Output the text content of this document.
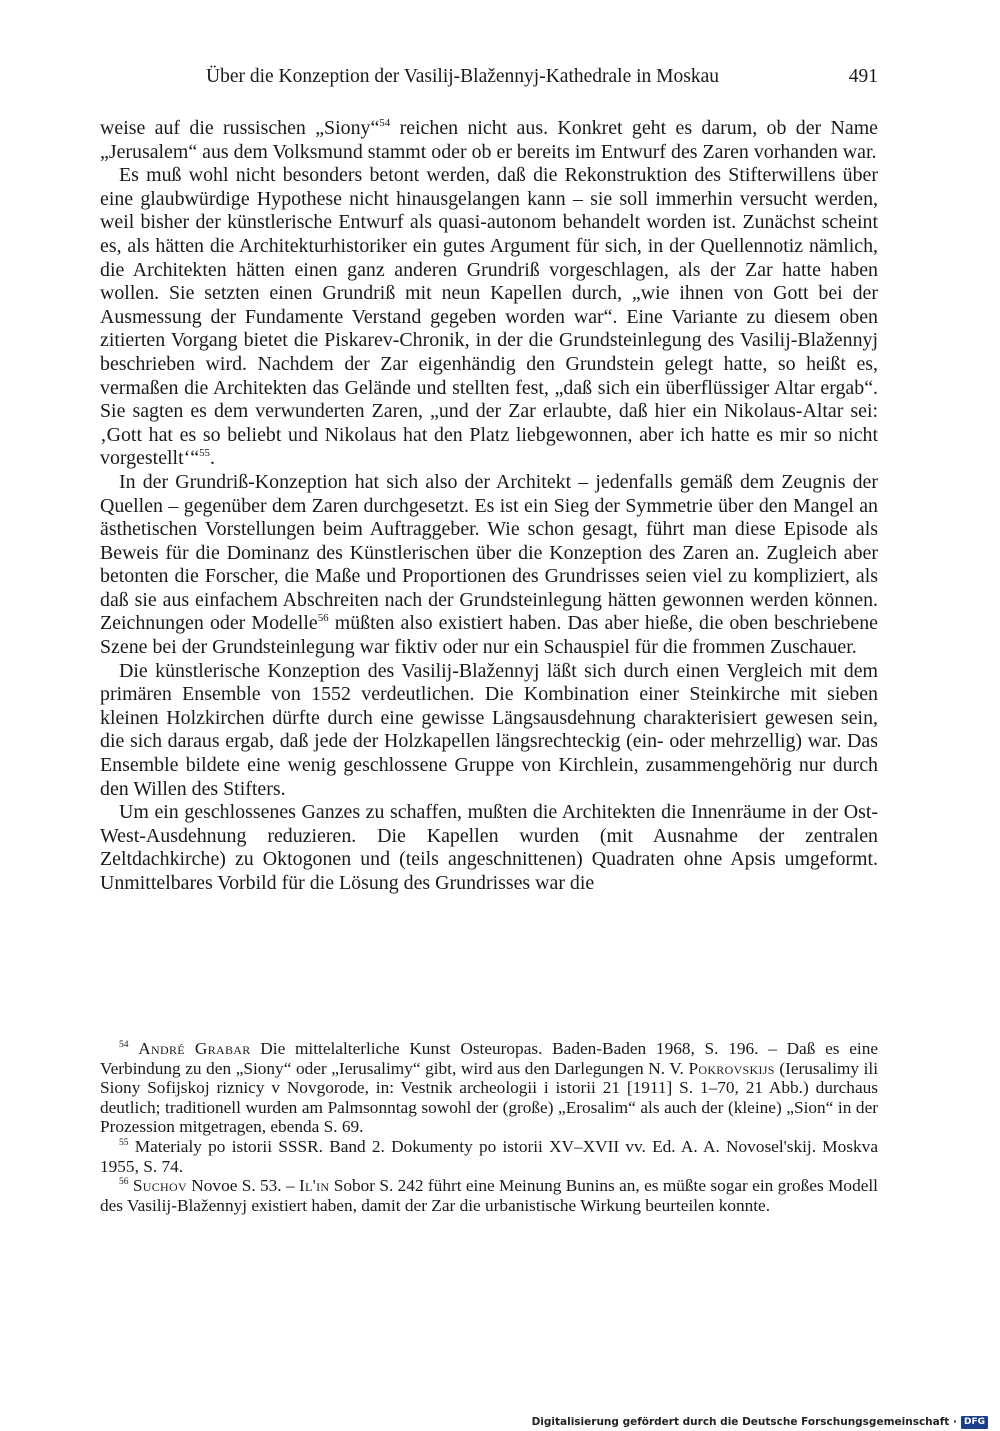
Über die Konzeption der Vasilij-Blažennyj-Kathedrale in Moskau	491

weise auf die russischen „Siony“$^{54}$ reichen nicht aus. Konkret geht es darum, ob der Name „Jerusalem“ aus dem Volksmund stammt oder ob er bereits im Entwurf des Zaren vorhanden war.

Es muß wohl nicht besonders betont werden, daß die Rekonstruktion des Stifterwillens über eine glaubwürdige Hypothese nicht hinausgelangen kann – sie soll immerhin versucht werden, weil bisher der künstlerische Entwurf als quasi-autonom behandelt worden ist. Zunächst scheint es, als hätten die Architekturhistoriker ein gutes Argument für sich, in der Quellennotiz nämlich, die Architekten hätten einen ganz anderen Grundriß vorgeschlagen, als der Zar hatte haben wollen. Sie setzten einen Grundriß mit neun Kapellen durch, „wie ihnen von Gott bei der Ausmessung der Fundamente Verstand gegeben worden war“. Eine Variante zu diesem oben zitierten Vorgang bietet die Piskarev-Chronik, in der die Grundsteinlegung des Vasilij-Blažennyj beschrieben wird. Nachdem der Zar eigenhändig den Grundstein gelegt hatte, so heißt es, vermaßen die Architekten das Gelände und stellten fest, „daß sich ein überflüssiger Altar ergab“. Sie sagten es dem verwunderten Zaren, „und der Zar erlaubte, daß hier ein Nikolaus-Altar sei: ‚Gott hat es so beliebt und Nikolaus hat den Platz liebgewonnen, aber ich hatte es mir so nicht vorgestellt‘“$^{55}$.

In der Grundriß-Konzeption hat sich also der Architekt – jedenfalls gemäß dem Zeugnis der Quellen – gegenüber dem Zaren durchgesetzt. Es ist ein Sieg der Symmetrie über den Mangel an ästhetischen Vorstellungen beim Auftraggeber. Wie schon gesagt, führt man diese Episode als Beweis für die Dominanz des Künstlerischen über die Konzeption des Zaren an. Zugleich aber betonten die Forscher, die Maße und Proportionen des Grundrisses seien viel zu kompliziert, als daß sie aus einfachem Abschreiten nach der Grundsteinlegung hätten gewonnen werden können. Zeichnungen oder Modelle$^{56}$ müßten also existiert haben. Das aber hieße, die oben beschriebene Szene bei der Grundsteinlegung war fiktiv oder nur ein Schauspiel für die frommen Zuschauer.

Die künstlerische Konzeption des Vasilij-Blažennyj läßt sich durch einen Vergleich mit dem primären Ensemble von 1552 verdeutlichen. Die Kombination einer Steinkirche mit sieben kleinen Holzkirchen dürfte durch eine gewisse Längsausdehnung charakterisiert gewesen sein, die sich daraus ergab, daß jede der Holzkapellen längsrechteckig (ein- oder mehrzellig) war. Das Ensemble bildete eine wenig geschlossene Gruppe von Kirchlein, zusammengehörig nur durch den Willen des Stifters.

Um ein geschlossenes Ganzes zu schaffen, mußten die Architekten die Innenräume in der Ost-West-Ausdehnung reduzieren. Die Kapellen wurden (mit Ausnahme der zentralen Zeltdachkirche) zu Oktogonen und (teils angeschnittenen) Quadraten ohne Apsis umgeformt. Unmittelbares Vorbild für die Lösung des Grundrisses war die

$^{54}$ André Grabar Die mittelalterliche Kunst Osteuropas. Baden-Baden 1968, S. 196. – Daß es eine Verbindung zu den „Siony“ oder „Ierusalimy“ gibt, wird aus den Darlegungen N. V. Pokrovskijs (Ierusalimy ili Siony Sofijskoj riznicy v Novgorode, in: Vestnik archeologii i istorii 21 [1911] S. 1–70, 21 Abb.) durchaus deutlich; traditionell wurden am Palmsonntag sowohl der (große) „Erosalim“ als auch der (kleine) „Sion“ in der Prozession mitgetragen, ebenda S. 69.

$^{55}$ Materialy po istorii SSSR. Band 2. Dokumenty po istorii XV–XVII vv. Ed. A. A. Novosel'skij. Moskva 1955, S. 74.

$^{56}$ Suchov Novoe S. 53. – Il'in Sobor S. 242 führt eine Meinung Bunins an, es müßte sogar ein großes Modell des Vasilij-Blažennyj existiert haben, damit der Zar die urbanistische Wirkung beurteilen konnte.

Digitalisierung gefördert durch die Deutsche Forschungsgemeinschaft · DFG
